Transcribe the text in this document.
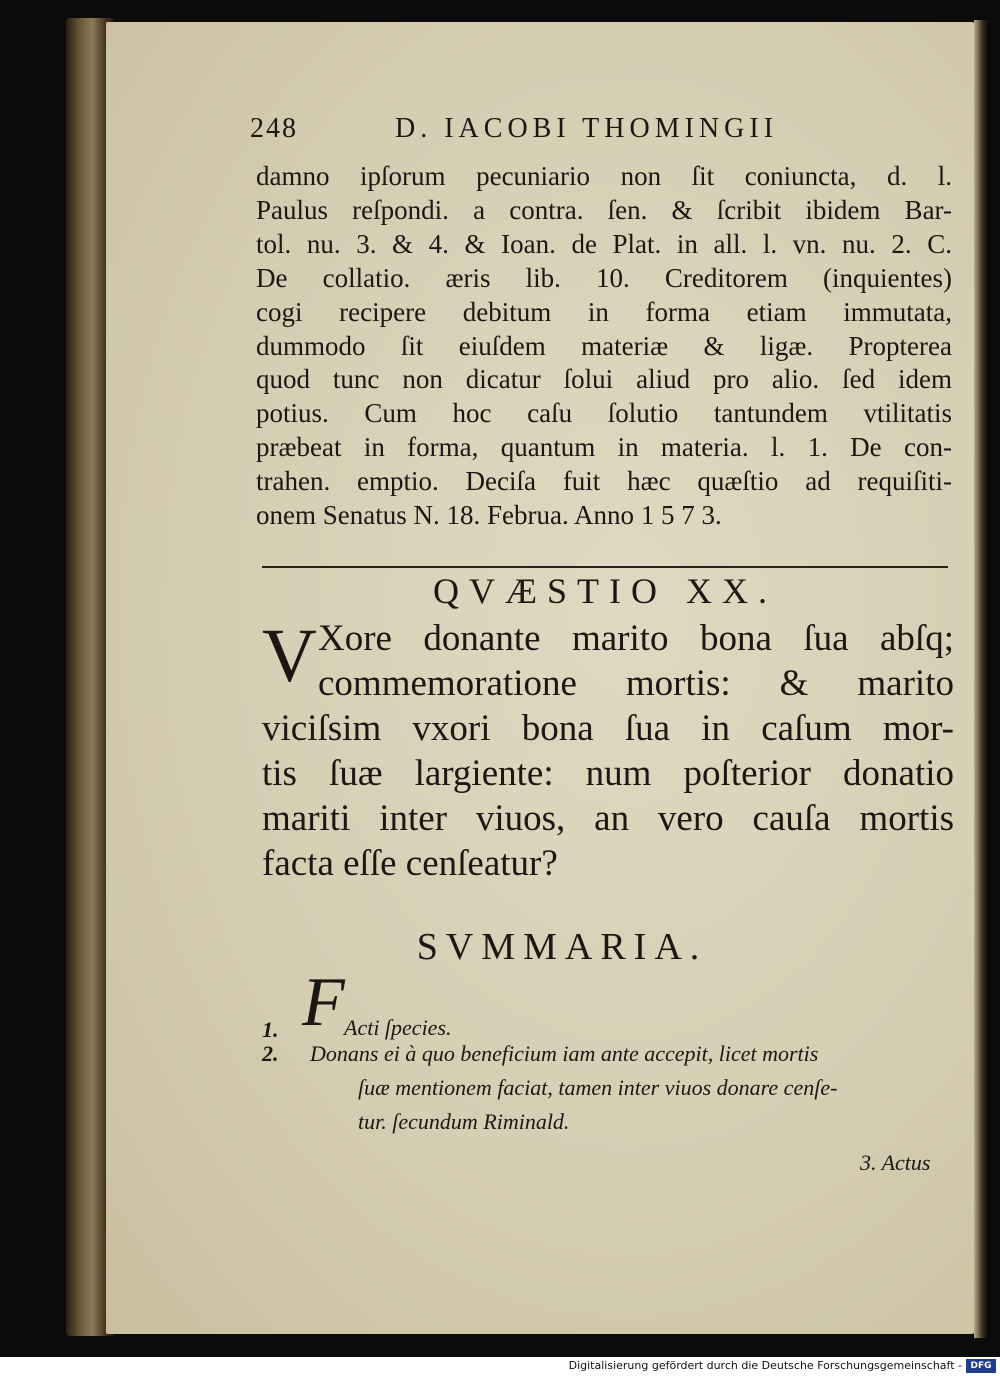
248	D. IACOBI THOMINGII
damno ipſorum pecuniario non ſit coniuncta, d. l.
Paulus reſpondi. a contra. ſen. & ſcribit ibidem Bar-
tol. nu. 3. & 4. & Ioan. de Plat. in all. l. vn. nu. 2. C.
De collatio. æris lib. 10. Creditorem (inquientes)
cogi recipere debitum in forma etiam immutata,
dummodo ſit eiuſdem materiæ & ligæ. Propterea
quod tunc non dicatur ſolui aliud pro alio. ſed idem
potius. Cum hoc caſu ſolutio tantundem vtilitatis
præbeat in forma, quantum in materia. l. 1. De con-
trahen. emptio. Deciſa fuit hæc quæſtio ad requiſiti-
onem Senatus N. 18. Februa. Anno 1 5 7 3.
QVÆSTIO XX.
V Xore donante marito bona ſua abſq;
commemoratione mortis: & marito
viciſsim vxori bona ſua in caſum mor-
tis ſuæ largiente: num poſterior donatio
mariti inter viuos, an vero cauſa mortis
facta eſſe cenſeatur?
SVMMARIA.
1. F Acti ſpecies.
2. Donans ei à quo beneficium iam ante accepit, licet mortis
ſuæ mentionem faciat, tamen inter viuos donare cenſe-
tur. ſecundum Riminald.
3. Actus
Digitalisierung gefördert durch die Deutsche Forschungsgemeinschaft - DFG
